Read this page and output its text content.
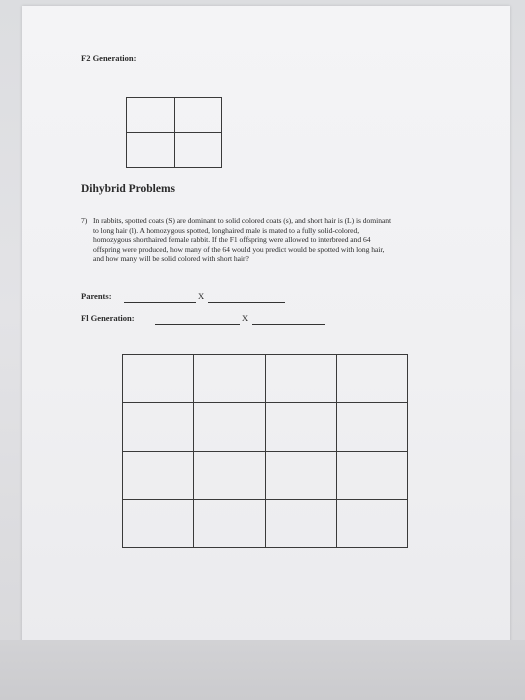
F2 Generation:

Dihybrid Problems
7) In rabbits, spotted coats (S) are dominant to solid colored coats (s), and short hair is (L) is dominant
to long hair (l). A homozygous spotted, longhaired male is mated to a fully solid-colored,
homozygous shorthaired female rabbit. If the F1 offspring were allowed to interbreed and 64
offspring were produced, how many of the 64 would you predict would be spotted with long hair,
and how many will be solid colored with short hair?
Parents:	X
Fl Generation:	X
